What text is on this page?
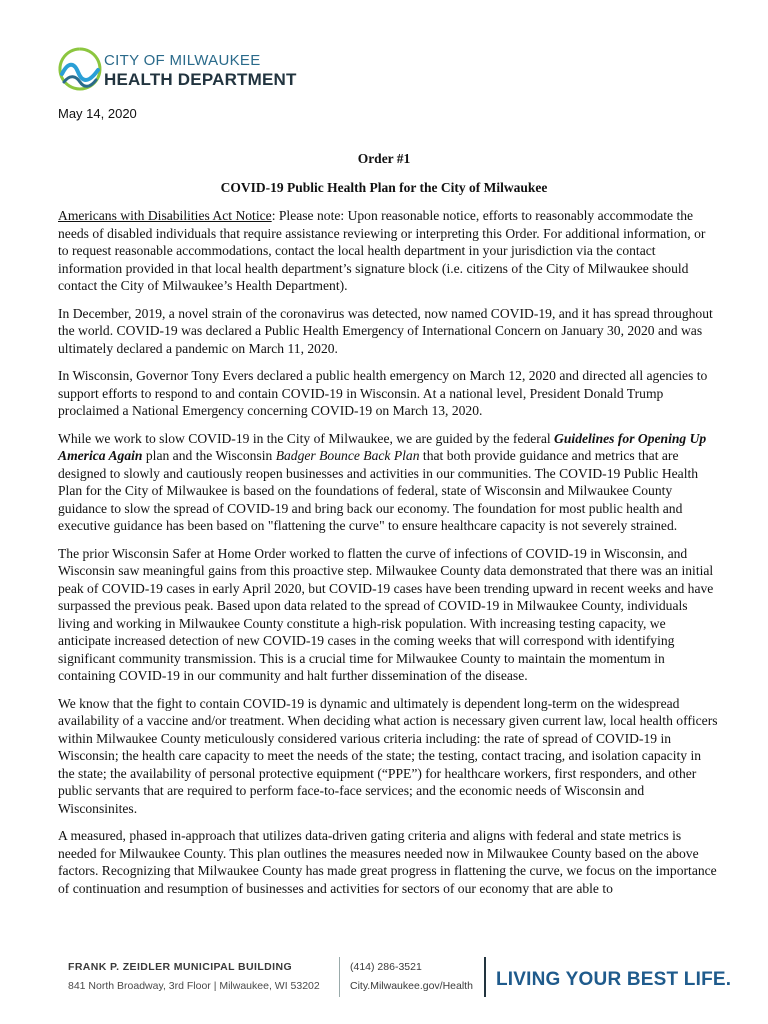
CITY OF MILWAUKEE
HEALTH DEPARTMENT
May 14, 2020
Order #1
COVID-19 Public Health Plan for the City of Milwaukee

Americans with Disabilities Act Notice: Please note: Upon reasonable notice, efforts to reasonably accommodate the needs of disabled individuals that require assistance reviewing or interpreting this Order. For additional information, or to request reasonable accommodations, contact the local health department in your jurisdiction via the contact information provided in that local health department’s signature block (i.e. citizens of the City of Milwaukee should contact the City of Milwaukee’s Health Department).

In December, 2019, a novel strain of the coronavirus was detected, now named COVID-19, and it has spread throughout the world. COVID-19 was declared a Public Health Emergency of International Concern on January 30, 2020 and was ultimately declared a pandemic on March 11, 2020.

In Wisconsin, Governor Tony Evers declared a public health emergency on March 12, 2020 and directed all agencies to support efforts to respond to and contain COVID-19 in Wisconsin. At a national level, President Donald Trump proclaimed a National Emergency concerning COVID-19 on March 13, 2020.

While we work to slow COVID-19 in the City of Milwaukee, we are guided by the federal Guidelines for Opening Up America Again plan and the Wisconsin Badger Bounce Back Plan that both provide guidance and metrics that are designed to slowly and cautiously reopen businesses and activities in our communities. The COVID-19 Public Health Plan for the City of Milwaukee is based on the foundations of federal, state of Wisconsin and Milwaukee County guidance to slow the spread of COVID-19 and bring back our economy. The foundation for most public health and executive guidance has been based on "flattening the curve" to ensure healthcare capacity is not severely strained.

The prior Wisconsin Safer at Home Order worked to flatten the curve of infections of COVID-19 in Wisconsin, and Wisconsin saw meaningful gains from this proactive step. Milwaukee County data demonstrated that there was an initial peak of COVID-19 cases in early April 2020, but COVID-19 cases have been trending upward in recent weeks and have surpassed the previous peak. Based upon data related to the spread of COVID-19 in Milwaukee County, individuals living and working in Milwaukee County constitute a high-risk population. With increasing testing capacity, we anticipate increased detection of new COVID-19 cases in the coming weeks that will correspond with identifying significant community transmission. This is a crucial time for Milwaukee County to maintain the momentum in containing COVID-19 in our community and halt further dissemination of the disease.

We know that the fight to contain COVID-19 is dynamic and ultimately is dependent long-term on the widespread availability of a vaccine and/or treatment. When deciding what action is necessary given current law, local health officers within Milwaukee County meticulously considered various criteria including: the rate of spread of COVID-19 in Wisconsin; the health care capacity to meet the needs of the state; the testing, contact tracing, and isolation capacity in the state; the availability of personal protective equipment (“PPE”) for healthcare workers, first responders, and other public servants that are required to perform face-to-face services; and the economic needs of Wisconsin and Wisconsinites.

A measured, phased in-approach that utilizes data-driven gating criteria and aligns with federal and state metrics is needed for Milwaukee County. This plan outlines the measures needed now in Milwaukee County based on the above factors. Recognizing that Milwaukee County has made great progress in flattening the curve, we focus on the importance of continuation and resumption of businesses and activities for sectors of our economy that are able to

FRANK P. ZEIDLER MUNICIPAL BUILDING
841 North Broadway, 3rd Floor | Milwaukee, WI 53202
(414) 286-3521
City.Milwaukee.gov/Health LIVING YOUR BEST LIFE.
